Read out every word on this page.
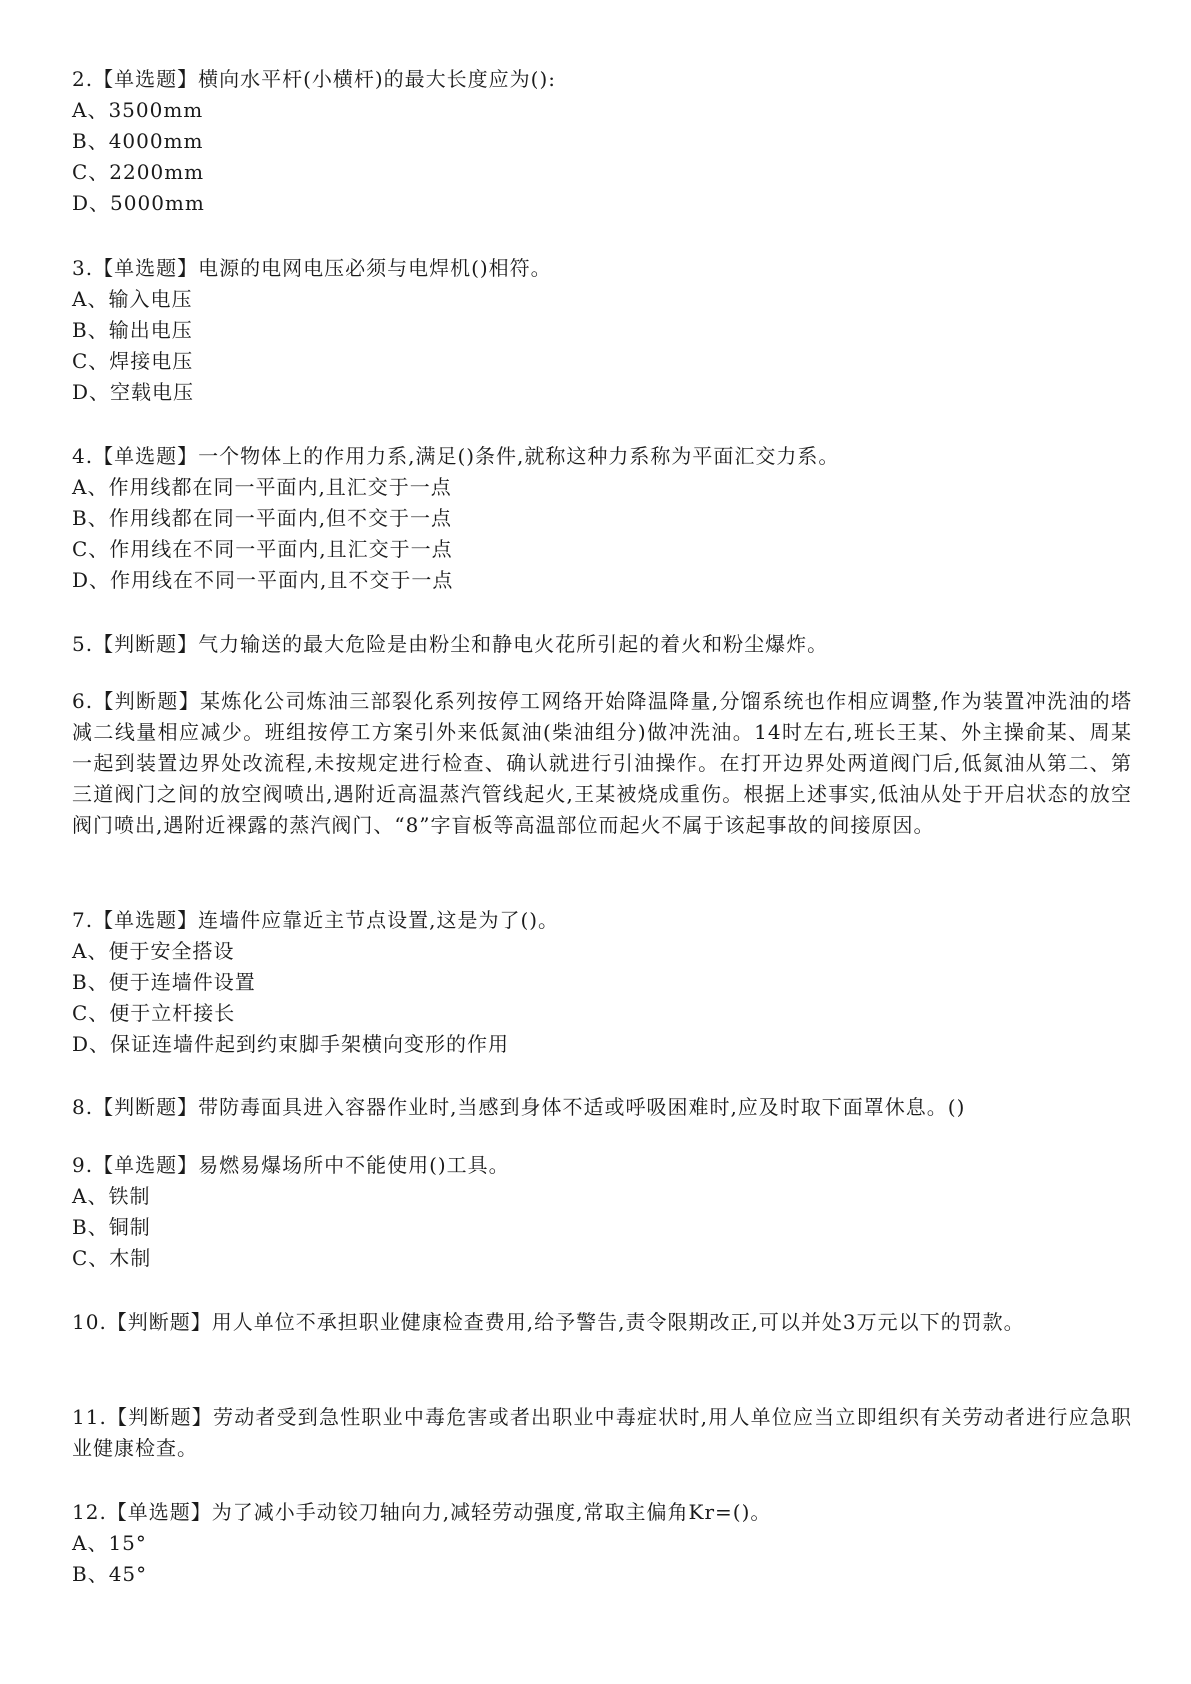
2.【单选题】横向水平杆(小横杆)的最大长度应为():

A、3500mm

B、4000mm

C、2200mm

D、5000mm

3.【单选题】电源的电网电压必须与电焊机()相符。

A、输入电压

B、输出电压

C、焊接电压

D、空载电压

4.【单选题】一个物体上的作用力系,满足()条件,就称这种力系称为平面汇交力系。

A、作用线都在同一平面内,且汇交于一点

B、作用线都在同一平面内,但不交于一点

C、作用线在不同一平面内,且汇交于一点

D、作用线在不同一平面内,且不交于一点

5.【判断题】气力输送的最大危险是由粉尘和静电火花所引起的着火和粉尘爆炸。

6.【判断题】某炼化公司炼油三部裂化系列按停工网络开始降温降量,分馏系统也作相应调整,作为装置冲洗油的塔减二线量相应减少。班组按停工方案引外来低氮油(柴油组分)做冲洗油。14时左右,班长王某、外主操俞某、周某一起到装置边界处改流程,未按规定进行检查、确认就进行引油操作。在打开边界处两道阀门后,低氮油从第二、第三道阀门之间的放空阀喷出,遇附近高温蒸汽管线起火,王某被烧成重伤。根据上述事实,低油从处于开启状态的放空阀门喷出,遇附近裸露的蒸汽阀门、“8”字盲板等高温部位而起火不属于该起事故的间接原因。

7.【单选题】连墙件应靠近主节点设置,这是为了()。

A、便于安全搭设

B、便于连墙件设置

C、便于立杆接长

D、保证连墙件起到约束脚手架横向变形的作用

8.【判断题】带防毒面具进入容器作业时,当感到身体不适或呼吸困难时,应及时取下面罩休息。()

9.【单选题】易燃易爆场所中不能使用()工具。

A、铁制

B、铜制

C、木制

10.【判断题】用人单位不承担职业健康检查费用,给予警告,责令限期改正,可以并处3万元以下的罚款。

11.【判断题】劳动者受到急性职业中毒危害或者出职业中毒症状时,用人单位应当立即组织有关劳动者进行应急职业健康检查。

12.【单选题】为了减小手动铰刀轴向力,减轻劳动强度,常取主偏角Kr=()。

A、15°

B、45°
